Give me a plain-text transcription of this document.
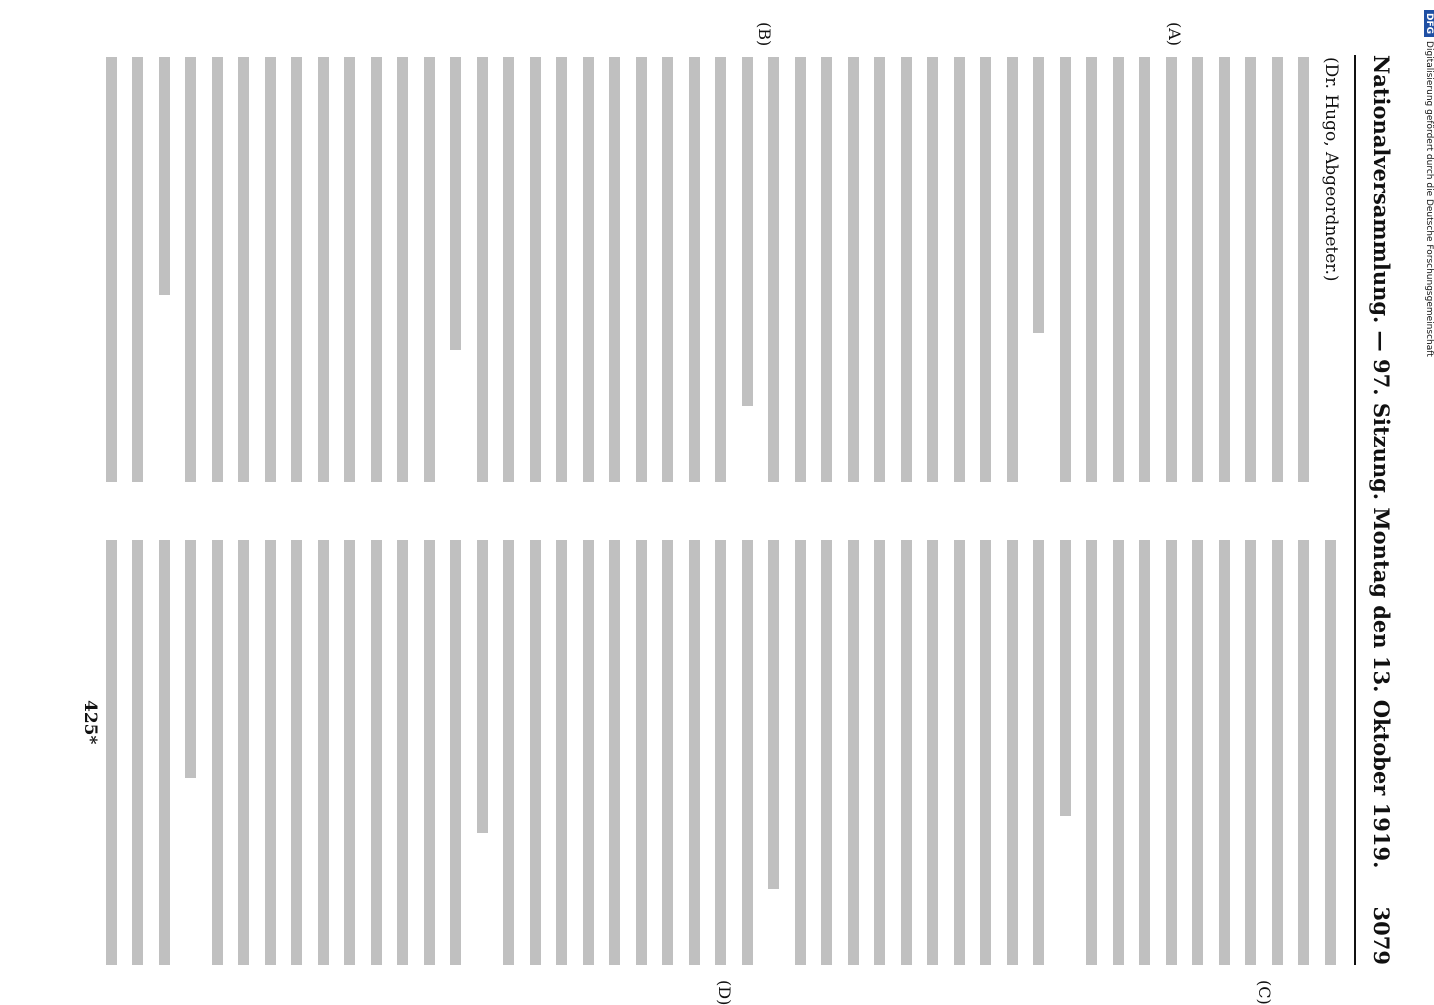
Nationalversammlung. — 97. Sitzung. Montag den 13. Oktober 1919.
3079
(A)
(B)
(C)
(D)
(Dr. Hugo, Abgeordneter.)
425*
DFGDigitalisierung gefördert durch die Deutsche Forschungsgemeinschaft
